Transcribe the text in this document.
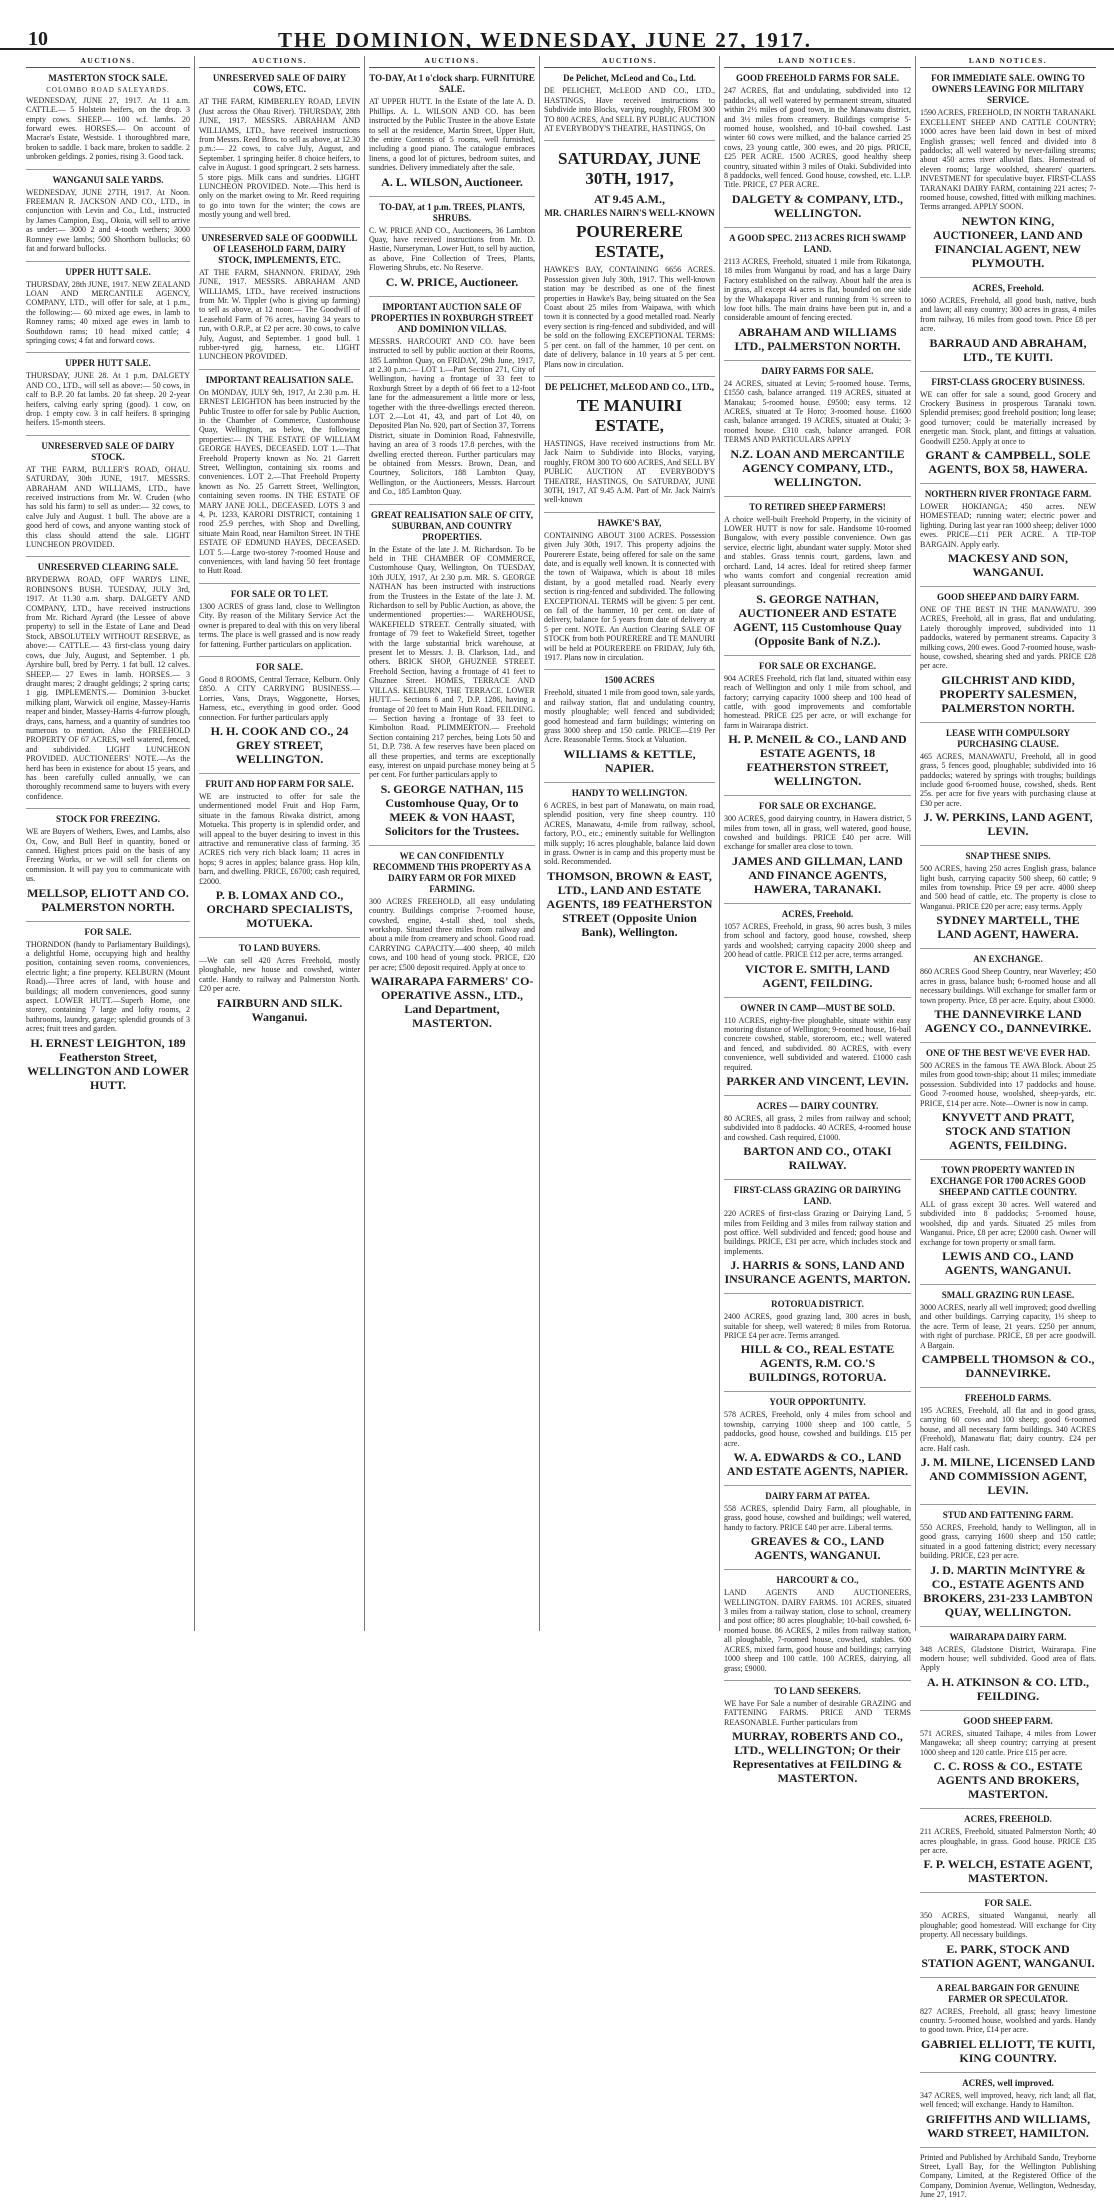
10	THE DOMINION, WEDNESDAY, JUNE 27, 1917.
AUCTIONS.
MASTERTON STOCK SALE.
COLOMBO ROAD SALEYARDS.
WEDNESDAY, JUNE 27, 1917. At 11 a.m. CATTLE.— 5 Holstein heifers, on the drop. 3 empty cows. SHEEP.— 100 w.f. lambs. 20 forward ewes. HORSES.— On account of Macrae's Estate, Westside. 1 thoroughbred mare, broken to saddle. 1 back mare, broken to saddle. 2 unbroken geldings. 2 ponies, rising 3. Good tack.
WANGANUI SALE YARDS.
WEDNESDAY, JUNE 27TH, 1917. At Noon. FREEMAN R. JACKSON AND CO., LTD., in conjunction with Levin and Co., Ltd., instructed by James Campion, Esq., Okoia, will sell to arrive as under:— 3000 2 and 4-tooth wethers; 3000 Romney ewe lambs; 500 Shorthorn bullocks; 60 fat and forward bullocks.
UPPER HUTT SALE.
THURSDAY, 28th JUNE, 1917. NEW ZEALAND LOAN AND MERCANTILE AGENCY, COMPANY, LTD., will offer for sale, at 1 p.m., the following:— 60 mixed age ewes, in lamb to Romney rams; 40 mixed age ewes in lamb to Southdown rams; 10 head mixed cattle; 4 springing cows; 4 fat and forward cows.
UPPER HUTT SALE.
THURSDAY, JUNE 28. At 1 p.m. DALGETY AND CO., LTD., will sell as above:— 50 cows, in calf to B.P. 20 fat lambs. 20 fat sheep. 20 2-year heifers, calving early spring (good). 1 cow, on drop. 1 empty cow. 3 in calf heifers. 8 springing heifers. 15-month steers.
UNRESERVED SALE OF DAIRY STOCK.
AT THE FARM, BULLER'S ROAD, OHAU. SATURDAY, 30th JUNE, 1917. MESSRS. ABRAHAM AND WILLIAMS, LTD., have received instructions from Mr. W. Cruden (who has sold his farm) to sell as under:— 32 cows, to calve July and August. 1 bull. The above are a good herd of cows, and anyone wanting stock of this class should attend the sale. LIGHT LUNCHEON PROVIDED.
UNRESERVED CLEARING SALE.
BRYDERWA ROAD, OFF WARD'S LINE, ROBINSON'S BUSH. TUESDAY, JULY 3rd, 1917. At 11.30 a.m. sharp. DALGETY AND COMPANY, LTD., have received instructions from Mr. Richard Ayrard (the Lessee of above property) to sell in the Estate of Lane and Dead Stock, ABSOLUTELY WITHOUT RESERVE, as above:— CATTLE.— 43 first-class young dairy cows, due July, August, and September. 1 pb. Ayrshire bull, bred by Perry. 1 fat bull. 12 calves. SHEEP.— 27 Ewes in lamb. HORSES.— 3 draught mares; 2 draught geldings; 2 spring carts; 1 gig. IMPLEMENTS.— Dominion 3-bucket milking plant, Warwick oil engine, Massey-Harris reaper and binder, Massey-Harris 4-furrow plough, drays, cans, harness, and a quantity of sundries too numerous to mention. Also the FREEHOLD PROPERTY OF 67 ACRES, well watered, fenced, and subdivided. LIGHT LUNCHEON PROVIDED. AUCTIONEERS' NOTE.—As the herd has been in existence for about 15 years, and has been carefully culled annually, we can thoroughly recommend same to buyers with every confidence.
STOCK FOR FREEZING.
WE are Buyers of Wethers, Ewes, and Lambs, also Ox, Cow, and Bull Beef in quantity, boned or canned. Highest prices paid on the basis of any Freezing Works, or we will sell for clients on commission. It will pay you to communicate with us.
MELLSOP, ELIOTT AND CO. PALMERSTON NORTH.
FOR SALE.
THORNDON (handy to Parliamentary Buildings), a delightful Home, occupying high and healthy position, containing seven rooms, conveniences, electric light; a fine property. KELBURN (Mount Road).—Three acres of land, with house and buildings; all modern conveniences, good sunny aspect. LOWER HUTT.—Superb Home, one storey, containing 7 large and lofty rooms, 2 bathrooms, laundry, garage; splendid grounds of 3 acres; fruit trees and garden.
H. ERNEST LEIGHTON, 189 Featherston Street, WELLINGTON AND LOWER HUTT.
AUCTIONS.
UNRESERVED SALE OF DAIRY COWS, ETC.
AT THE FARM, KIMBERLEY ROAD, LEVIN (Just across the Ohau River). THURSDAY, 28th JUNE, 1917. MESSRS. ABRAHAM AND WILLIAMS, LTD., have received instructions from Messrs. Reed Bros. to sell as above, at 12.30 p.m.:— 22 cows, to calve July, August, and September. 1 springing heifer. 8 choice heifers, to calve in August. 1 good springcart. 2 sets harness. 5 store pigs. Milk cans and sundries. LIGHT LUNCHEON PROVIDED. Note.—This herd is only on the market owing to Mr. Reed requiring to go into town for the winter; the cows are mostly young and well bred.
UNRESERVED SALE OF GOODWILL OF LEASEHOLD FARM, DAIRY STOCK, IMPLEMENTS, ETC.
AT THE FARM, SHANNON. FRIDAY, 29th JUNE, 1917. MESSRS. ABRAHAM AND WILLIAMS, LTD., have received instructions from Mr. W. Tippler (who is giving up farming) to sell as above, at 12 noon:— The Goodwill of Leasehold Farm of 76 acres, having 34 years to run, with O.R.P., at £2 per acre. 30 cows, to calve July, August, and September. 1 good bull. 1 rubber-tyred gig, harness, etc. LIGHT LUNCHEON PROVIDED.
IMPORTANT REALISATION SALE.
On MONDAY, JULY 9th, 1917, At 2.30 p.m. H. ERNEST LEIGHTON has been instructed by the Public Trustee to offer for sale by Public Auction, in the Chamber of Commerce, Customhouse Quay, Wellington, as below, the following properties:— IN THE ESTATE OF WILLIAM GEORGE HAYES, DECEASED. LOT 1.—That Freehold Property known as No. 21 Garrett Street, Wellington, containing six rooms and conveniences. LOT 2.—That Freehold Property known as No. 25 Garrett Street, Wellington, containing seven rooms. IN THE ESTATE OF MARY JANE JOLL, DECEASED. LOTS 3 and 4, Pt. 1233, KARORI DISTRICT, containing 1 rood 25.9 perches, with Shop and Dwelling, situate Main Road, near Hamilton Street. IN THE ESTATE OF EDMUND HAYES, DECEASED. LOT 5.—Large two-storey 7-roomed House and conveniences, with land having 50 feet frontage to Hutt Road.
FOR SALE OR TO LET.
1300 ACRES of grass land, close to Wellington City. By reason of the Military Service Act the owner is prepared to deal with this on very liberal terms. The place is well grassed and is now ready for fattening. Further particulars on application.
FOR SALE.
Good 8 ROOMS, Central Terrace, Kelburn. Only £850. A CITY CARRYING BUSINESS.—Lorries, Vans, Drays, Waggonette, Horses, Harness, etc., everything in good order. Good connection. For further particulars apply
H. H. COOK AND CO., 24 GREY STREET, WELLINGTON.
FRUIT AND HOP FARM FOR SALE.
WE are instructed to offer for sale the undermentioned model Fruit and Hop Farm, situate in the famous Riwaka district, among Motueka. This property is in splendid order, and will appeal to the buyer desiring to invest in this attractive and remunerative class of farming. 35 ACRES rich very rich black loam; 11 acres in hops; 9 acres in apples; balance grass. Hop kiln, barn, and dwelling. PRICE, £6700; cash required, £2000.
P. B. LOMAX AND CO., ORCHARD SPECIALISTS, MOTUEKA.
TO LAND BUYERS.
—We can sell 420 Acres Freehold, mostly ploughable, new house and cowshed, winter cattle. Handy to railway and Palmerston North. £20 per acre.
FAIRBURN AND SILK. Wanganui.
AUCTIONS.
TO-DAY, At 1 o'clock sharp. FURNITURE SALE.
AT UPPER HUTT. In the Estate of the late A. D. Phillips. A. L. WILSON AND CO. has been instructed by the Public Trustee in the above Estate to sell at the residence, Martin Street, Upper Hutt, the entire Contents of 5 rooms, well furnished, including a good piano. The catalogue embraces linens, a good lot of pictures, bedroom suites, and sundries. Delivery immediately after the sale.
A. L. WILSON, Auctioneer.
TO-DAY, at 1 p.m. TREES, PLANTS, SHRUBS.
C. W. PRICE AND CO., Auctioneers, 36 Lambton Quay, have received instructions from Mr. D. Hastie, Nurseryman, Lower Hutt, to sell by auction, as above, Fine Collection of Trees, Plants, Flowering Shrubs, etc. No Reserve.
C. W. PRICE, Auctioneer.
IMPORTANT AUCTION SALE OF PROPERTIES IN ROXBURGH STREET AND DOMINION VILLAS.
MESSRS. HARCOURT AND CO. have been instructed to sell by public auction at their Rooms, 185 Lambton Quay, on FRIDAY, 29th June, 1917, at 2.30 p.m.:— LOT 1.—Part Section 271, City of Wellington, having a frontage of 33 feet to Roxburgh Street by a depth of 66 feet to a 12-foot lane for the admeasurement a little more or less, together with the three-dwellings erected thereon. LOT 2.—Lot 41, 43, and part of Lot 40, on Deposited Plan No. 920, part of Section 37, Torrens District, situate in Dominion Road, Fahnestville, having an area of 3 roods 17.8 perches, with the dwelling erected thereon. Further particulars may be obtained from Messrs. Brown, Dean, and Courtney, Solicitors, 188 Lambton Quay, Wellington, or the Auctioneers, Messrs. Harcourt and Co., 185 Lambton Quay.
GREAT REALISATION SALE OF CITY, SUBURBAN, AND COUNTRY PROPERTIES.
In the Estate of the late J. M. Richardson. To be held in THE CHAMBER OF COMMERCE, Customhouse Quay, Wellington, On TUESDAY, 10th JULY, 1917, At 2.30 p.m. MR. S. GEORGE NATHAN has been instructed with instructions from the Trustees in the Estate of the late J. M. Richardson to sell by Public Auction, as above, the undermentioned properties:— WAREHOUSE, WAKEFIELD STREET. Centrally situated, with frontage of 79 feet to Wakefield Street, together with the large substantial brick warehouse, at present let to Messrs. J. B. Clarkson, Ltd., and others. BRICK SHOP, GHUZNEE STREET. Freehold Section, having a frontage of 41 feet to Ghuznee Street. HOMES, TERRACE AND VILLAS. KELBURN, THE TERRACE. LOWER HUTT.— Sections 6 and 7, D.P. 1286, having a frontage of 20 feet to Main Hutt Road. FEILDING.— Section having a frontage of 33 feet to Kimbolton Road. PLIMMERTON.— Freehold Section containing 217 perches, being Lots 50 and 51, D.P. 738. A few reserves have been placed on all these properties, and terms are exceptionally easy, interest on unpaid purchase money being at 5 per cent. For further particulars apply to
S. GEORGE NATHAN, 115 Customhouse Quay, Or to MEEK & VON HAAST, Solicitors for the Trustees.
WE CAN CONFIDENTLY RECOMMEND THIS PROPERTY AS A DAIRY FARM OR FOR MIXED FARMING.
300 ACRES FREEHOLD, all easy undulating country. Buildings comprise 7-roomed house, cowshed, engine, 4-stall shed, tool sheds, workshop. Situated three miles from railway and about a mile from creamery and school. Good road. CARRYING CAPACITY.—400 sheep, 40 milch cows, and 100 head of young stock. PRICE, £20 per acre; £500 deposit required. Apply at once to
WAIRARAPA FARMERS' CO-OPERATIVE ASSN., LTD., Land Department, MASTERTON.
AUCTIONS.
De Pelichet, McLeod and Co., Ltd.
DE PELICHET, McLEOD AND CO., LTD., HASTINGS, Have received instructions to Subdivide into Blocks, varying, roughly, FROM 300 TO 800 ACRES, And SELL BY PUBLIC AUCTION AT EVERYBODY'S THEATRE, HASTINGS, On
SATURDAY, JUNE 30TH, 1917,
AT 9.45 A.M.,
MR. CHARLES NAIRN'S WELL-KNOWN
POURERERE ESTATE,
HAWKE'S BAY, CONTAINING 6656 ACRES. Possession given July 30th, 1917. This well-known station may be described as one of the finest properties in Hawke's Bay, being situated on the Sea Coast about 25 miles from Waipawa, with which town it is connected by a good metalled road. Nearly every section is ring-fenced and subdivided, and will be sold on the following EXCEPTIONAL TERMS: 5 per cent. on fall of the hammer, 10 per cent. on date of delivery, balance in 10 years at 5 per cent. Plans now in circulation.
DE PELICHET, McLEOD AND CO., LTD.,
TE MANUIRI ESTATE,
HASTINGS, Have received instructions from Mr. Jack Nairn to Subdivide into Blocks, varying, roughly, FROM 300 TO 600 ACRES, And SELL BY PUBLIC AUCTION AT EVERYBODY'S THEATRE, HASTINGS, On SATURDAY, JUNE 30TH, 1917, AT 9.45 A.M. Part of Mr. Jack Nairn's well-known
HAWKE'S BAY,
CONTAINING ABOUT 3100 ACRES. Possession given July 30th, 1917. This property adjoins the Pourerere Estate, being offered for sale on the same date, and is equally well known. It is connected with the town of Waipawa, which is about 18 miles distant, by a good metalled road. Nearly every section is ring-fenced and subdivided. The following EXCEPTIONAL TERMS will be given: 5 per cent. on fall of the hammer, 10 per cent. on date of delivery, balance for 5 years from date of delivery at 5 per cent. NOTE. An Auction Clearing SALE OF STOCK from both POURERERE and TE MANUIRI will be held at POURERERE on FRIDAY, July 6th, 1917. Plans now in circulation.
1500 ACRES
Freehold, situated 1 mile from good town, sale yards, and railway station, flat and undulating country, mostly ploughable; well fenced and subdivided; good homestead and farm buildings; wintering on grass 3000 sheep and 150 cattle. PRICE—£19 Per Acre. Reasonable Terms. Stock at Valuation.
WILLIAMS & KETTLE, NAPIER.
HANDY TO WELLINGTON.
6 ACRES, in best part of Manawatu, on main road, splendid position, very fine sheep country. 110 ACRES, Manawatu, 4-mile from railway, school, factory, P.O., etc.; eminently suitable for Wellington milk supply; 16 acres ploughable, balance laid down in grass. Owner is in camp and this property must be sold. Recommended.
THOMSON, BROWN & EAST, LTD., LAND AND ESTATE AGENTS, 189 FEATHERSTON STREET (Opposite Union Bank), Wellington.
LAND NOTICES.
GOOD FREEHOLD FARMS FOR SALE.
247 ACRES, flat and undulating, subdivided into 12 paddocks, all well watered by permanent stream, situated within 2½ miles of good town, in the Manawatu district, and 3½ miles from creamery. Buildings comprise 5-roomed house, woolshed, and 10-bail cowshed. Last winter 60 cows were milked, and the balance carried 25 cows, 23 young cattle, 300 ewes, and 20 pigs. PRICE, £25 PER ACRE. 1500 ACRES, good healthy sheep country, situated within 3 miles of Otaki. Subdivided into 8 paddocks, well fenced. Good house, cowshed, etc. L.I.P. Title. PRICE, £7 PER ACRE.
DALGETY & COMPANY, LTD., WELLINGTON.
A GOOD SPEC. 2113 ACRES RICH SWAMP LAND.
2113 ACRES, Freehold, situated 1 mile from Rikatonga, 18 miles from Wanganui by road, and has a large Dairy Factory established on the railway. About half the area is in grass, all except 44 acres is flat, bounded on one side by the Whakapapa River and running from ½ screen to low foot hills. The main drains have been put in, and a considerable amount of fencing erected.
ABRAHAM AND WILLIAMS LTD., PALMERSTON NORTH.
DAIRY FARMS FOR SALE.
24 ACRES, situated at Levin; 5-roomed house. Terms, £1550 cash, balance arranged. 119 ACRES, situated at Manakau; 5-roomed house. £9500; easy terms. 12 ACRES, situated at Te Horo; 3-roomed house. £1600 cash, balance arranged. 19 ACRES, situated at Otaki; 3-roomed house. £310 cash, balance arranged. FOR TERMS AND PARTICULARS APPLY
N.Z. LOAN AND MERCANTILE AGENCY COMPANY, LTD., WELLINGTON.
TO RETIRED SHEEP FARMERS!
A choice well-built Freehold Property, in the vicinity of LOWER HUTT is now for sale. Handsome 10-roomed Bungalow, with every possible convenience. Own gas service, electric light, abundant water supply. Motor shed and stables. Grass tennis court, gardens, lawn and orchard. Land, 14 acres. Ideal for retired sheep farmer who wants comfort and congenial recreation amid pleasant surroundings.
S. GEORGE NATHAN, AUCTIONEER AND ESTATE AGENT, 115 Customhouse Quay (Opposite Bank of N.Z.).
FOR SALE OR EXCHANGE.
904 ACRES Freehold, rich flat land, situated within easy reach of Wellington and only 1 mile from school, and factory; carrying capacity 1000 sheep and 100 head of cattle, with good improvements and comfortable homestead. PRICE £25 per acre, or will exchange for farm in Wairarapa district.
H. P. McNEIL & CO., LAND AND ESTATE AGENTS, 18 FEATHERSTON STREET, WELLINGTON.
FOR SALE OR EXCHANGE.
300 ACRES, good dairying country, in Hawera district, 5 miles from town, all in grass, well watered, good house, cowshed and buildings. PRICE £40 per acre. Will exchange for smaller area close to town.
JAMES AND GILLMAN, LAND AND FINANCE AGENTS, HAWERA, TARANAKI.
ACRES, Freehold.
1057 ACRES, Freehold, in grass, 90 acres bush, 3 miles from school and factory, good house, cowshed, sheep yards and woolshed; carrying capacity 2000 sheep and 200 head of cattle. PRICE £12 per acre, terms arranged.
VICTOR E. SMITH, LAND AGENT, FEILDING.
OWNER IN CAMP—MUST BE SOLD.
110 ACRES, eighty-five ploughable, situate within easy motoring distance of Wellington; 9-roomed house, 16-bail concrete cowshed, stable, storeroom, etc.; well watered and fenced, and subdivided. 80 ACRES, with every convenience, well subdivided and watered. £1000 cash required.
PARKER AND VINCENT, LEVIN.
ACRES — DAIRY COUNTRY.
80 ACRES, all grass, 2 miles from railway and school; subdivided into 8 paddocks. 40 ACRES, 4-roomed house and cowshed. Cash required, £1000.
BARTON AND CO., OTAKI RAILWAY.
FIRST-CLASS GRAZING OR DAIRYING LAND.
220 ACRES of first-class Grazing or Dairying Land, 5 miles from Feilding and 3 miles from railway station and post office. Well subdivided and fenced; good house and buildings. PRICE, £31 per acre, which includes stock and implements.
J. HARRIS & SONS, LAND AND INSURANCE AGENTS, MARTON.
ROTORUA DISTRICT.
2400 ACRES, good grazing land, 300 acres in bush, suitable for sheep, well watered; 8 miles from Rotorua. PRICE £4 per acre. Terms arranged.
HILL & CO., REAL ESTATE AGENTS, R.M. CO.'S BUILDINGS, ROTORUA.
YOUR OPPORTUNITY.
578 ACRES, Freehold, only 4 miles from school and township, carrying 1000 sheep and 100 cattle, 5 paddocks, good house, cowshed and buildings. £15 per acre.
W. A. EDWARDS & CO., LAND AND ESTATE AGENTS, NAPIER.
DAIRY FARM AT PATEA.
558 ACRES, splendid Dairy Farm, all ploughable, in grass, good house, cowshed and buildings; well watered, handy to factory. PRICE £40 per acre. Liberal terms.
GREAVES & CO., LAND AGENTS, WANGANUI.
HARCOURT & CO.,
LAND AGENTS AND AUCTIONEERS, WELLINGTON. DAIRY FARMS. 101 ACRES, situated 3 miles from a railway station, close to school, creamery and post office; 80 acres ploughable; 10-bail cowshed, 6-roomed house. 86 ACRES, 2 miles from railway station, all ploughable, 7-roomed house, cowshed, stables. 600 ACRES, mixed farm, good house and buildings; carrying 1000 sheep and 100 cattle. 100 ACRES, dairying, all grass; £9000.
TO LAND SEEKERS.
WE have For Sale a number of desirable GRAZING and FATTENING FARMS. PRICE AND TERMS REASONABLE. Further particulars from
MURRAY, ROBERTS AND CO., LTD., WELLINGTON; Or their Representatives at FEILDING & MASTERTON.
LAND NOTICES.
FOR IMMEDIATE SALE. OWING TO OWNERS LEAVING FOR MILITARY SERVICE.
1590 ACRES, FREEHOLD, IN NORTH TARANAKI. EXCELLENT SHEEP AND CATTLE COUNTRY; 1000 acres have been laid down in best of mixed English grasses; well fenced and divided into 8 paddocks; all well watered by never-failing streams; about 450 acres river alluvial flats. Homestead of eleven rooms; large woolshed, shearers' quarters. INVESTMENT for speculative buyer. FIRST-CLASS TARANAKI DAIRY FARM, containing 221 acres; 7-roomed house, cowshed, fitted with milking machines. Terms arranged. APPLY SOON.
NEWTON KING, AUCTIONEER, LAND AND FINANCIAL AGENT, NEW PLYMOUTH.
ACRES, Freehold.
1060 ACRES, Freehold, all good bush, native, bush and lawn; all easy country; 300 acres in grass, 4 miles from railway, 16 miles from good town. Price £8 per acre.
BARRAUD AND ABRAHAM, LTD., TE KUITI.
FIRST-CLASS GROCERY BUSINESS.
WE can offer for sale a sound, good Grocery and Crockery Business in prosperous Taranaki town. Splendid premises; good freehold position; long lease; good turnover; could be materially increased by energetic man. Stock, plant, and fittings at valuation. Goodwill £250. Apply at once to
GRANT & CAMPBELL, SOLE AGENTS, BOX 58, HAWERA.
NORTHERN RIVER FRONTAGE FARM.
LOWER HOKIANGA; 450 acres. NEW HOMESTEAD; running water; electric power and lighting. During last year ran 1000 sheep; deliver 1000 ewes. PRICE—£11 PER ACRE. A TIP-TOP BARGAIN. Apply early.
MACKESY AND SON, WANGANUI.
GOOD SHEEP AND DAIRY FARM.
ONE OF THE BEST IN THE MANAWATU. 399 ACRES, Freehold, all in grass, flat and undulating. Lately thoroughly improved, subdivided into 11 paddocks, watered by permanent streams. Capacity 3 milking cows, 200 ewes. Good 7-roomed house, wash-house, cowshed, shearing shed and yards. PRICE £28 per acre.
GILCHRIST AND KIDD, PROPERTY SALESMEN, PALMERSTON NORTH.
LEASE WITH COMPULSORY PURCHASING CLAUSE.
465 ACRES, MANAWATU, Freehold, all in good grass, 5 fences good, ploughable; subdivided into 16 paddocks; watered by springs with troughs; buildings include good 6-roomed house, cowshed, sheds. Rent 25s. per acre for five years with purchasing clause at £30 per acre.
J. W. PERKINS, LAND AGENT, LEVIN.
SNAP THESE SNIPS.
500 ACRES, having 250 acres English grass, balance light bush, carrying capacity 500 sheep, 60 cattle; 9 miles from township. Price £9 per acre. 4000 sheep and 500 head of cattle, etc. The property is close to Wanganui. PRICE £20 per acre; easy terms. Apply
SYDNEY MARTELL, THE LAND AGENT, HAWERA.
AN EXCHANGE.
860 ACRES Good Sheep Country, near Waverley; 450 acres in grass, balance bush; 6-roomed house and all necessary buildings. Will exchange for smaller farm or town property. Price, £8 per acre. Equity, about £3000.
THE DANNEVIRKE LAND AGENCY CO., DANNEVIRKE.
ONE OF THE BEST WE'VE EVER HAD.
500 ACRES in the famous TE AWA Block. About 25 miles from good town-ship; about 11 miles; immediate possession. Subdivided into 17 paddocks and house. Good 7-roomed house, woolshed, sheep-yards, etc. PRICE, £14 per acre. Note—Owner is now in camp.
KNYVETT AND PRATT, STOCK AND STATION AGENTS, FEILDING.
TOWN PROPERTY WANTED IN EXCHANGE FOR 1700 ACRES GOOD SHEEP AND CATTLE COUNTRY.
ALL of grass except 30 acres. Well watered and subdivided into 8 paddocks; 5-roomed house, woolshed, dip and yards. Situated 25 miles from Wanganui. Price, £8 per acre; £2000 cash. Owner will exchange for town property or small farm.
LEWIS AND CO., LAND AGENTS, WANGANUI.
SMALL GRAZING RUN LEASE.
3000 ACRES, nearly all well improved; good dwelling and other buildings. Carrying capacity, 1½ sheep to the acre. Term of lease, 21 years. £250 per annum, with right of purchase. PRICE, £8 per acre goodwill. A Bargain.
CAMPBELL THOMSON & CO., DANNEVIRKE.
FREEHOLD FARMS.
195 ACRES, Freehold, all flat and in good grass, carrying 60 cows and 100 sheep; good 6-roomed house, and all necessary farm buildings. 340 ACRES (Freehold), Manawatu flat; dairy country. £24 per acre. Half cash.
J. M. MILNE, LICENSED LAND AND COMMISSION AGENT, LEVIN.
STUD AND FATTENING FARM.
550 ACRES, Freehold, handy to Wellington, all in good grass, carrying 1600 sheep and 150 cattle; situated in a good fattening district; every necessary building. PRICE, £23 per acre.
J. D. MARTIN McINTYRE & CO., ESTATE AGENTS AND BROKERS, 231-233 LAMBTON QUAY, WELLINGTON.
WAIRARAPA DAIRY FARM.
348 ACRES, Gladstone District, Wairarapa. Fine modern house; well subdivided. Good area of flats. Apply
A. H. ATKINSON & CO. LTD., FEILDING.
GOOD SHEEP FARM.
571 ACRES, situated Taihape, 4 miles from Lower Mangaweka; all sheep country; carrying at present 1000 sheep and 120 cattle. Price £15 per acre.
C. C. ROSS & CO., ESTATE AGENTS AND BROKERS, MASTERTON.
ACRES, FREEHOLD.
211 ACRES, Freehold, situated Palmerston North; 40 acres ploughable, in grass. Good house. PRICE £35 per acre.
F. P. WELCH, ESTATE AGENT, MASTERTON.
FOR SALE.
350 ACRES, situated Wanganui, nearly all ploughable; good homestead. Will exchange for City property. All necessary buildings.
E. PARK, STOCK AND STATION AGENT, WANGANUI.
A REAL BARGAIN FOR GENUINE FARMER OR SPECULATOR.
827 ACRES, Freehold, all grass; heavy limestone country. 5-roomed house, woolshed and yards. Handy to good town. Price, £14 per acre.
GABRIEL ELLIOTT, TE KUITI, KING COUNTRY.
ACRES, well improved.
347 ACRES, well improved, heavy, rich land; all flat, well fenced; will exchange. Handy to Hamilton.
GRIFFITHS AND WILLIAMS, WARD STREET, HAMILTON.
Printed and Published by Archibald Sando, Treyborne Street, Lyall Bay, for the Wellington Publishing Company, Limited, at the Registered Office of the Company, Dominion Avenue, Wellington, Wednesday, June 27, 1917.
